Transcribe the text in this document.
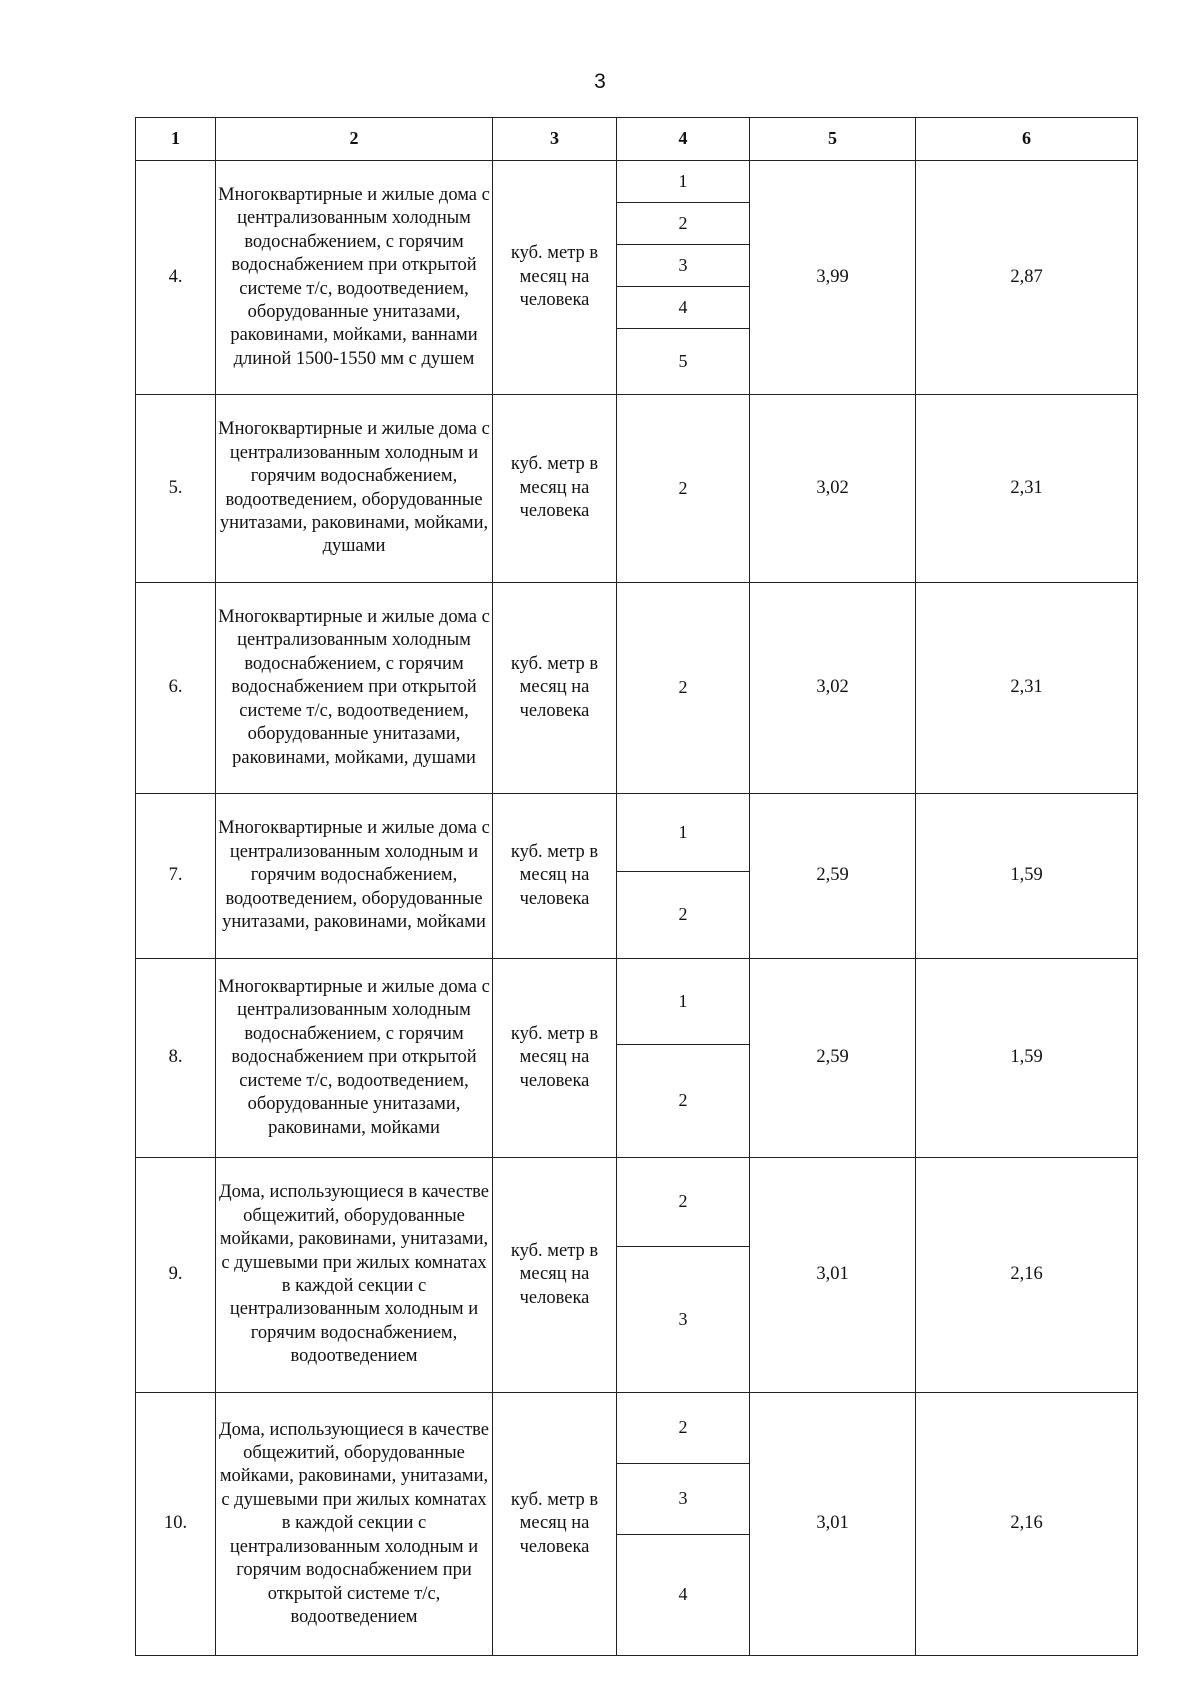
3
1	2	3	4	5	6
4.	Многоквартирные и жилые дома с централизованным холодным водоснабжением, с горячим водоснабжением при открытой системе т/с, водоотведением, оборудованные унитазами, раковинами, мойками, ваннами длиной 1500-1550 мм с душем	куб. метр в месяц на человека	1	3,99	2,87
			2		
			3		
			4		
			5		
5.	Многоквартирные и жилые дома с централизованным холодным и горячим водоснабжением, водоотведением, оборудованные унитазами, раковинами, мойками, душами	куб. метр в месяц на человека	2	3,02	2,31
6.	Многоквартирные и жилые дома с централизованным холодным водоснабжением, с горячим водоснабжением при открытой системе т/с, водоотведением, оборудованные унитазами, раковинами, мойками, душами	куб. метр в месяц на человека	2	3,02	2,31
7.	Многоквартирные и жилые дома с централизованным холодным и горячим водоснабжением, водоотведением, оборудованные унитазами, раковинами, мойками	куб. метр в месяц на человека	1	2,59	1,59
			2		
8.	Многоквартирные и жилые дома с централизованным холодным водоснабжением, с горячим водоснабжением при открытой системе т/с, водоотведением, оборудованные унитазами, раковинами, мойками	куб. метр в месяц на человека	1	2,59	1,59
			2		
9.	Дома, использующиеся в качестве общежитий, оборудованные мойками, раковинами, унитазами, с душевыми при жилых комнатах в каждой секции с централизованным холодным и горячим водоснабжением, водоотведением	куб. метр в месяц на человека	2	3,01	2,16
			3		
10.	Дома, использующиеся в качестве общежитий, оборудованные мойками, раковинами, унитазами, с душевыми при жилых комнатах в каждой секции с централизованным холодным и горячим водоснабжением при открытой системе т/с, водоотведением	куб. метр в месяц на человека	2	3,01	2,16
			3		
			4		
